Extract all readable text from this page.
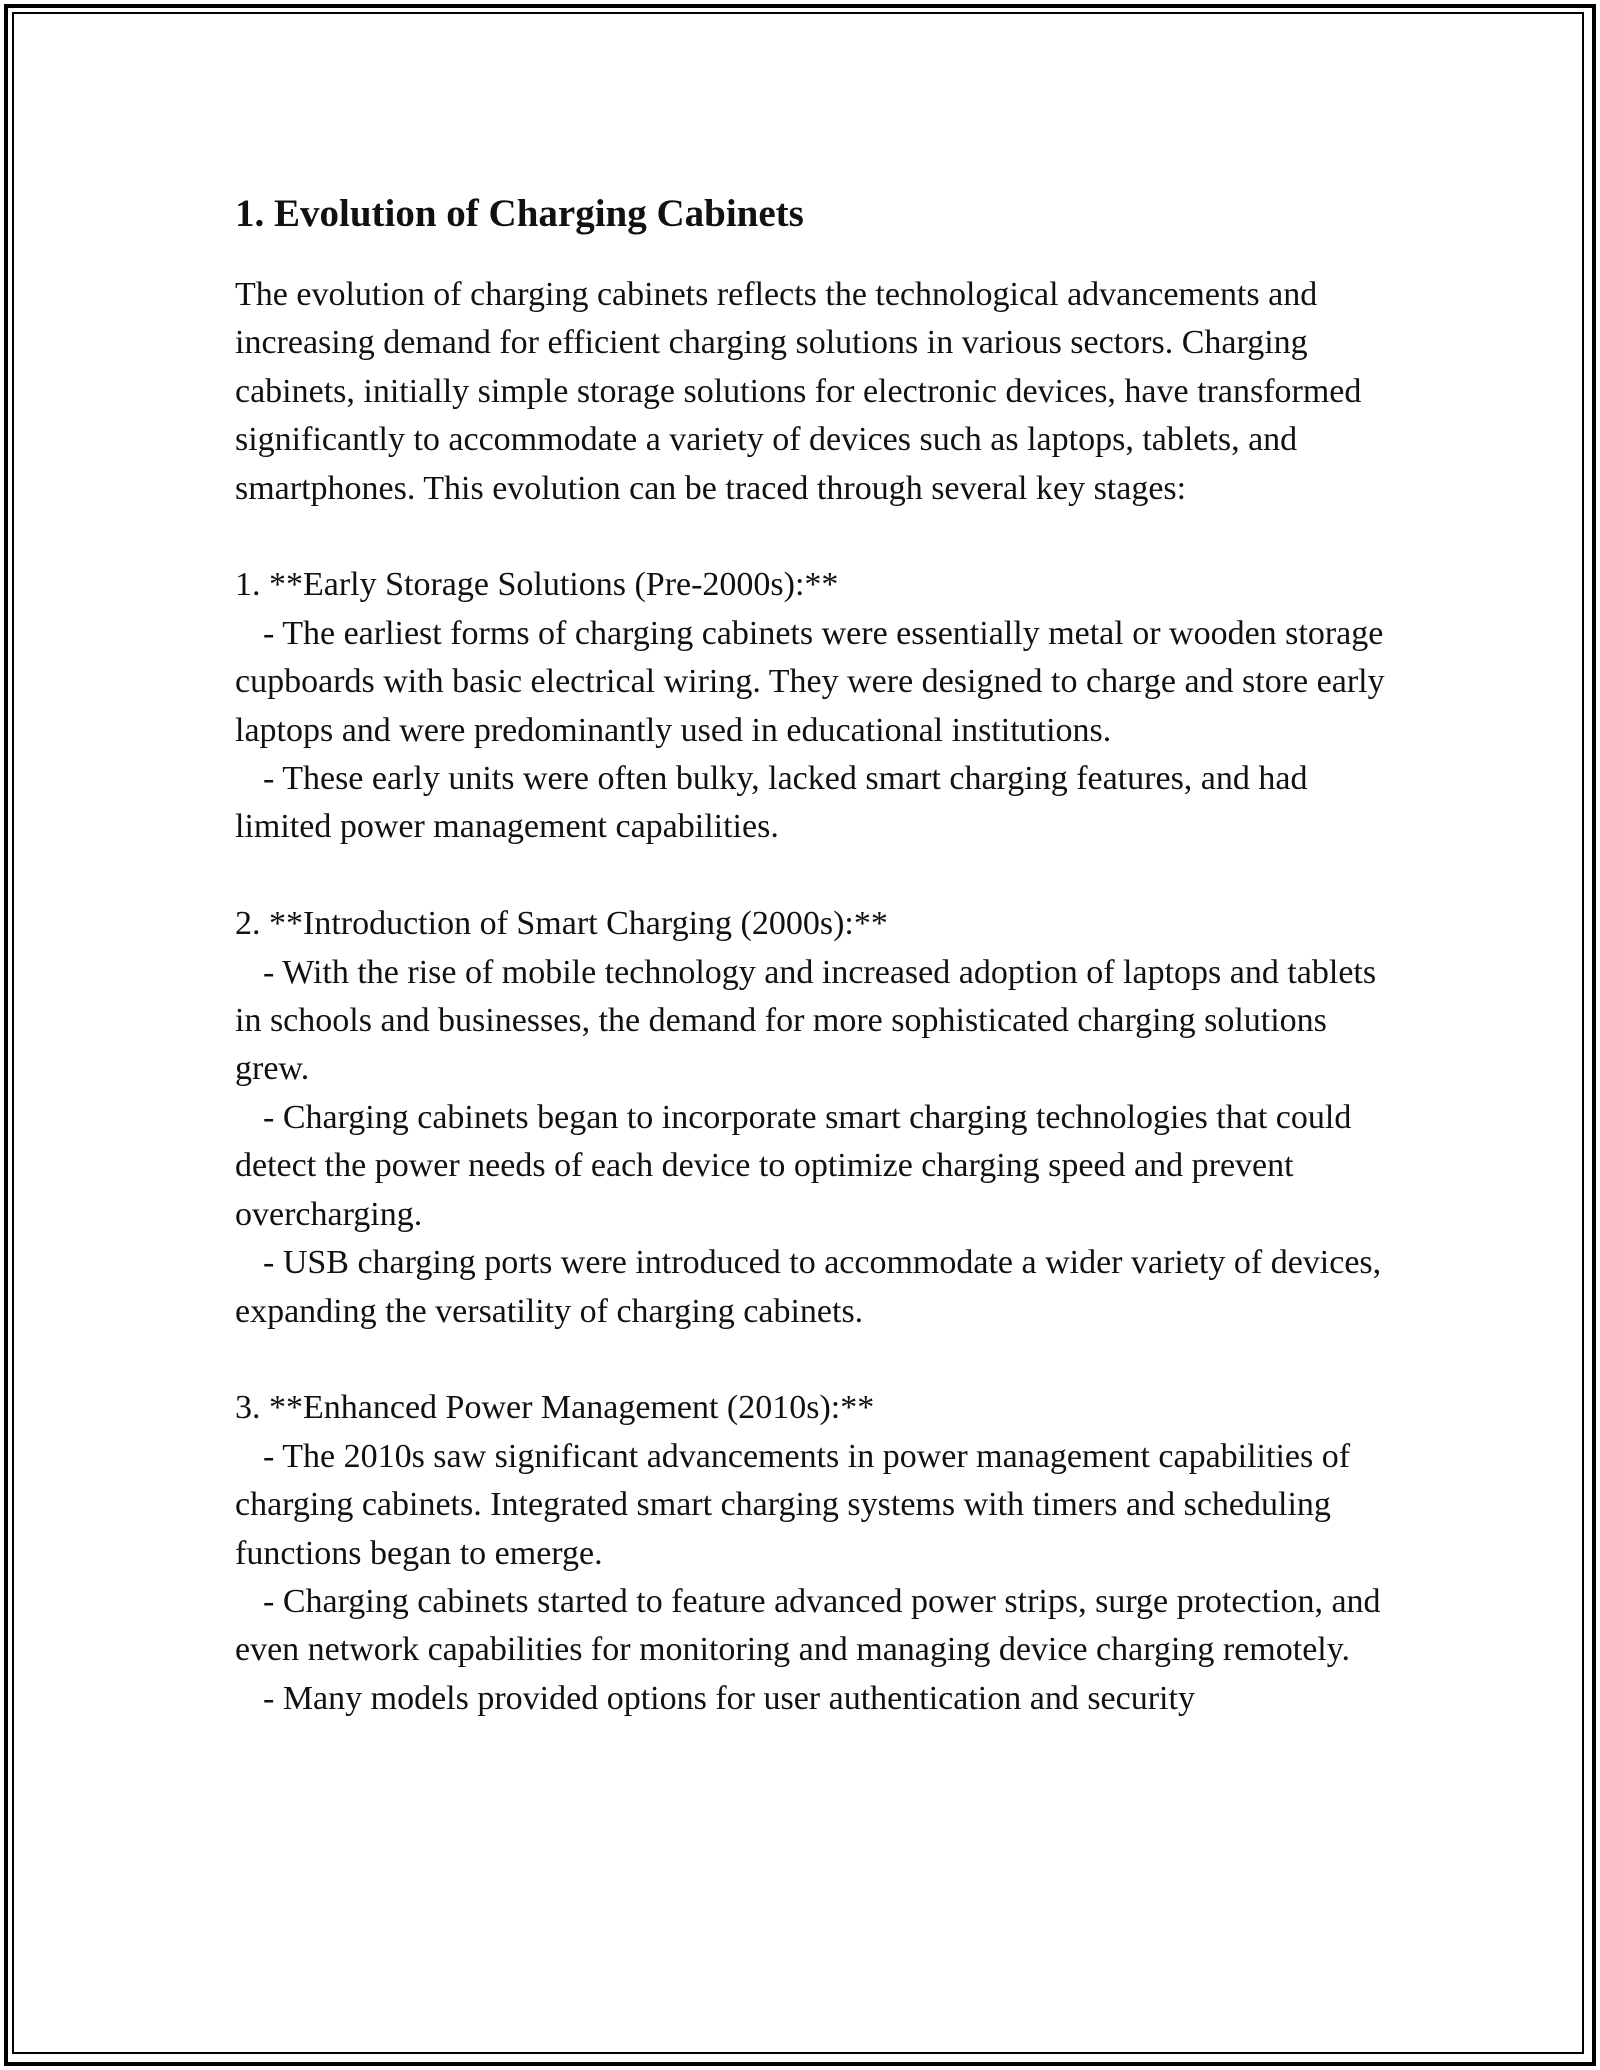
1. Evolution of Charging Cabinets

The evolution of charging cabinets reflects the technological advancements and increasing demand for efficient charging solutions in various sectors. Charging cabinets, initially simple storage solutions for electronic devices, have transformed significantly to accommodate a variety of devices such as laptops, tablets, and smartphones. This evolution can be traced through several key stages:

1. **Early Storage Solutions (Pre-2000s):**

- The earliest forms of charging cabinets were essentially metal or wooden storage cupboards with basic electrical wiring. They were designed to charge and store early laptops and were predominantly used in educational institutions.

- These early units were often bulky, lacked smart charging features, and had limited power management capabilities.

2. **Introduction of Smart Charging (2000s):**

- With the rise of mobile technology and increased adoption of laptops and tablets in schools and businesses, the demand for more sophisticated charging solutions grew.

- Charging cabinets began to incorporate smart charging technologies that could detect the power needs of each device to optimize charging speed and prevent overcharging.

- USB charging ports were introduced to accommodate a wider variety of devices, expanding the versatility of charging cabinets.

3. **Enhanced Power Management (2010s):**

- The 2010s saw significant advancements in power management capabilities of charging cabinets. Integrated smart charging systems with timers and scheduling functions began to emerge.

- Charging cabinets started to feature advanced power strips, surge protection, and even network capabilities for monitoring and managing device charging remotely.

- Many models provided options for user authentication and security
